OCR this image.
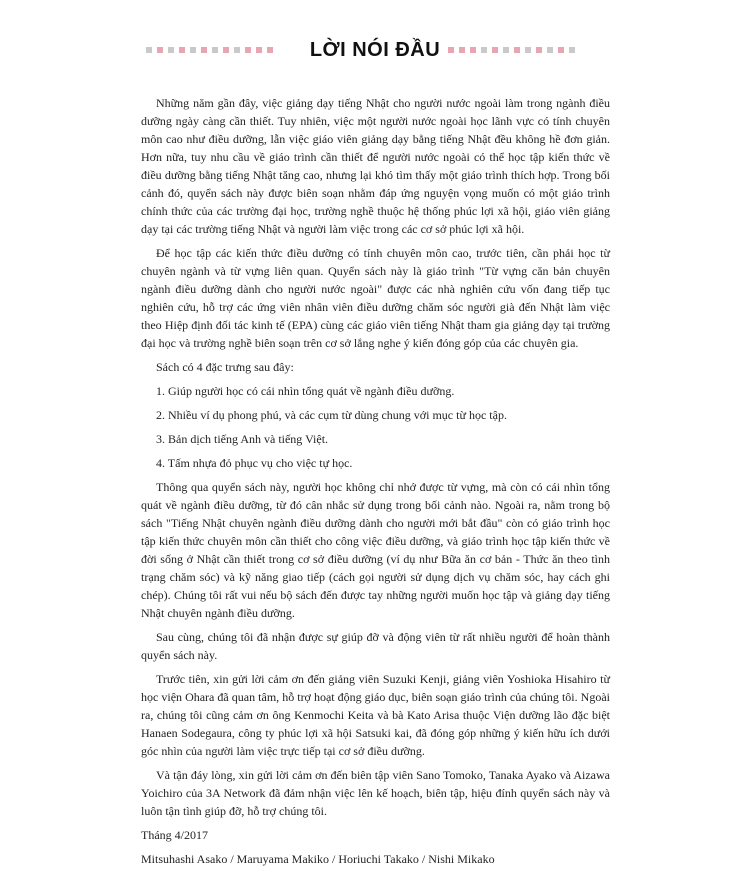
LỜI NÓI ĐẦU

Những năm gần đây, việc giảng dạy tiếng Nhật cho người nước ngoài làm trong ngành điều dưỡng ngày càng cần thiết. Tuy nhiên, việc một người nước ngoài học lãnh vực có tính chuyên môn cao như điều dưỡng, lẫn việc giáo viên giảng dạy bằng tiếng Nhật đều không hề đơn giản. Hơn nữa, tuy nhu cầu về giáo trình cần thiết để người nước ngoài có thể học tập kiến thức về điều dưỡng bằng tiếng Nhật tăng cao, nhưng lại khó tìm thấy một giáo trình thích hợp. Trong bối cảnh đó, quyển sách này được biên soạn nhằm đáp ứng nguyện vọng muốn có một giáo trình chính thức của các trường đại học, trường nghề thuộc hệ thống phúc lợi xã hội, giáo viên giảng dạy tại các trường tiếng Nhật và người làm việc trong các cơ sở phúc lợi xã hội.

Để học tập các kiến thức điều dưỡng có tính chuyên môn cao, trước tiên, cần phải học từ chuyên ngành và từ vựng liên quan. Quyển sách này là giáo trình "Từ vựng căn bản chuyên ngành điều dưỡng dành cho người nước ngoài" được các nhà nghiên cứu vốn đang tiếp tục nghiên cứu, hỗ trợ các ứng viên nhân viên điều dưỡng chăm sóc người già đến Nhật làm việc theo Hiệp định đối tác kinh tế (EPA) cùng các giáo viên tiếng Nhật tham gia giảng dạy tại trường đại học và trường nghề biên soạn trên cơ sở lắng nghe ý kiến đóng góp của các chuyên gia.

Sách có 4 đặc trưng sau đây:

1. Giúp người học có cái nhìn tổng quát về ngành điều dưỡng.

2. Nhiều ví dụ phong phú, và các cụm từ dùng chung với mục từ học tập.

3. Bản dịch tiếng Anh và tiếng Việt.

4. Tấm nhựa đỏ phục vụ cho việc tự học.

Thông qua quyển sách này, người học không chỉ nhớ được từ vựng, mà còn có cái nhìn tổng quát về ngành điều dưỡng, từ đó cân nhắc sử dụng trong bối cảnh nào. Ngoài ra, nằm trong bộ sách "Tiếng Nhật chuyên ngành điều dưỡng dành cho người mới bắt đầu" còn có giáo trình học tập kiến thức chuyên môn cần thiết cho công việc điều dưỡng, và giáo trình học tập kiến thức về đời sống ở Nhật cần thiết trong cơ sở điều dưỡng (ví dụ như Bữa ăn cơ bản - Thức ăn theo tình trạng chăm sóc) và kỹ năng giao tiếp (cách gọi người sử dụng dịch vụ chăm sóc, hay cách ghi chép). Chúng tôi rất vui nếu bộ sách đến được tay những người muốn học tập và giảng dạy tiếng Nhật chuyên ngành điều dưỡng.

Sau cùng, chúng tôi đã nhận được sự giúp đỡ và động viên từ rất nhiều người để hoàn thành quyển sách này.

Trước tiên, xin gửi lời cảm ơn đến giảng viên Suzuki Kenji, giảng viên Yoshioka Hisahiro từ học viện Ohara đã quan tâm, hỗ trợ hoạt động giáo dục, biên soạn giáo trình của chúng tôi. Ngoài ra, chúng tôi cũng cảm ơn ông Kenmochi Keita và bà Kato Arisa thuộc Viện dưỡng lão đặc biệt Hanaen Sodegaura, công ty phúc lợi xã hội Satsuki kai, đã đóng góp những ý kiến hữu ích dưới góc nhìn của người làm việc trực tiếp tại cơ sở điều dưỡng.

Và tận đáy lòng, xin gửi lời cảm ơn đến biên tập viên Sano Tomoko, Tanaka Ayako và Aizawa Yoichiro của 3A Network đã đảm nhận việc lên kế hoạch, biên tập, hiệu đính quyển sách này và luôn tận tình giúp đỡ, hỗ trợ chúng tôi.

Tháng 4/2017

Mitsuhashi Asako / Maruyama Makiko / Horiuchi Takako / Nishi Mikako
